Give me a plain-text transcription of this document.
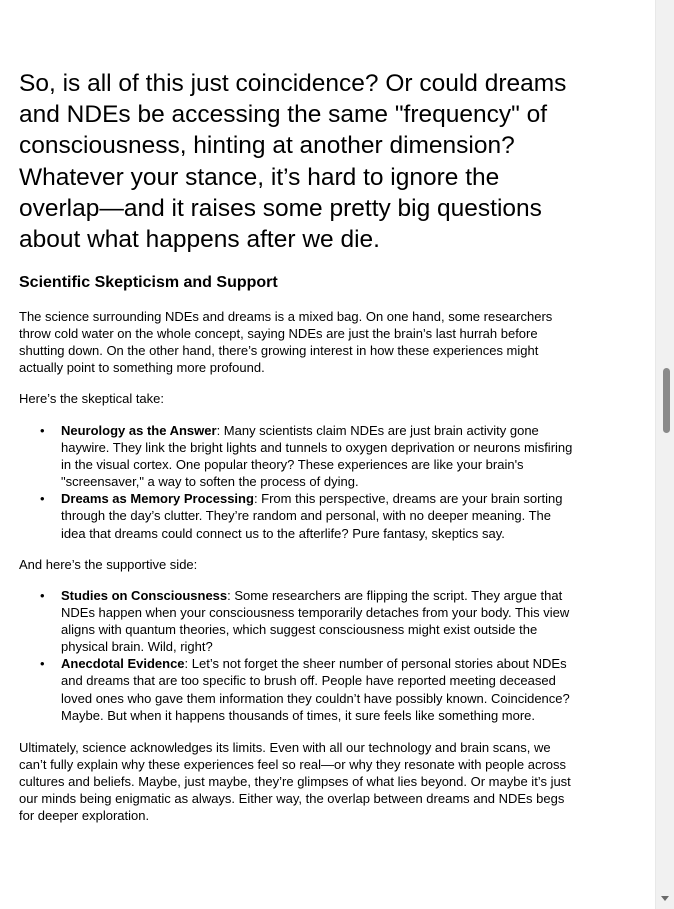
So, is all of this just coincidence? Or could dreams and NDEs be accessing the same "frequency" of consciousness, hinting at another dimension? Whatever your stance, it’s hard to ignore the overlap—and it raises some pretty big questions about what happens after we die.

Scientific Skepticism and Support

The science surrounding NDEs and dreams is a mixed bag. On one hand, some researchers throw cold water on the whole concept, saying NDEs are just the brain’s last hurrah before shutting down. On the other hand, there’s growing interest in how these experiences might actually point to something more profound.

Here’s the skeptical take:

• Neurology as the Answer: Many scientists claim NDEs are just brain activity gone haywire. They link the bright lights and tunnels to oxygen deprivation or neurons misfiring in the visual cortex. One popular theory? These experiences are like your brain's "screensaver," a way to soften the process of dying.
• Dreams as Memory Processing: From this perspective, dreams are your brain sorting through the day’s clutter. They’re random and personal, with no deeper meaning. The idea that dreams could connect us to the afterlife? Pure fantasy, skeptics say.

And here’s the supportive side:

• Studies on Consciousness: Some researchers are flipping the script. They argue that NDEs happen when your consciousness temporarily detaches from your body. This view aligns with quantum theories, which suggest consciousness might exist outside the physical brain. Wild, right?
• Anecdotal Evidence: Let’s not forget the sheer number of personal stories about NDEs and dreams that are too specific to brush off. People have reported meeting deceased loved ones who gave them information they couldn’t have possibly known. Coincidence? Maybe. But when it happens thousands of times, it sure feels like something more.

Ultimately, science acknowledges its limits. Even with all our technology and brain scans, we can’t fully explain why these experiences feel so real—or why they resonate with people across cultures and beliefs. Maybe, just maybe, they’re glimpses of what lies beyond. Or maybe it’s just our minds being enigmatic as always. Either way, the overlap between dreams and NDEs begs for deeper exploration.
